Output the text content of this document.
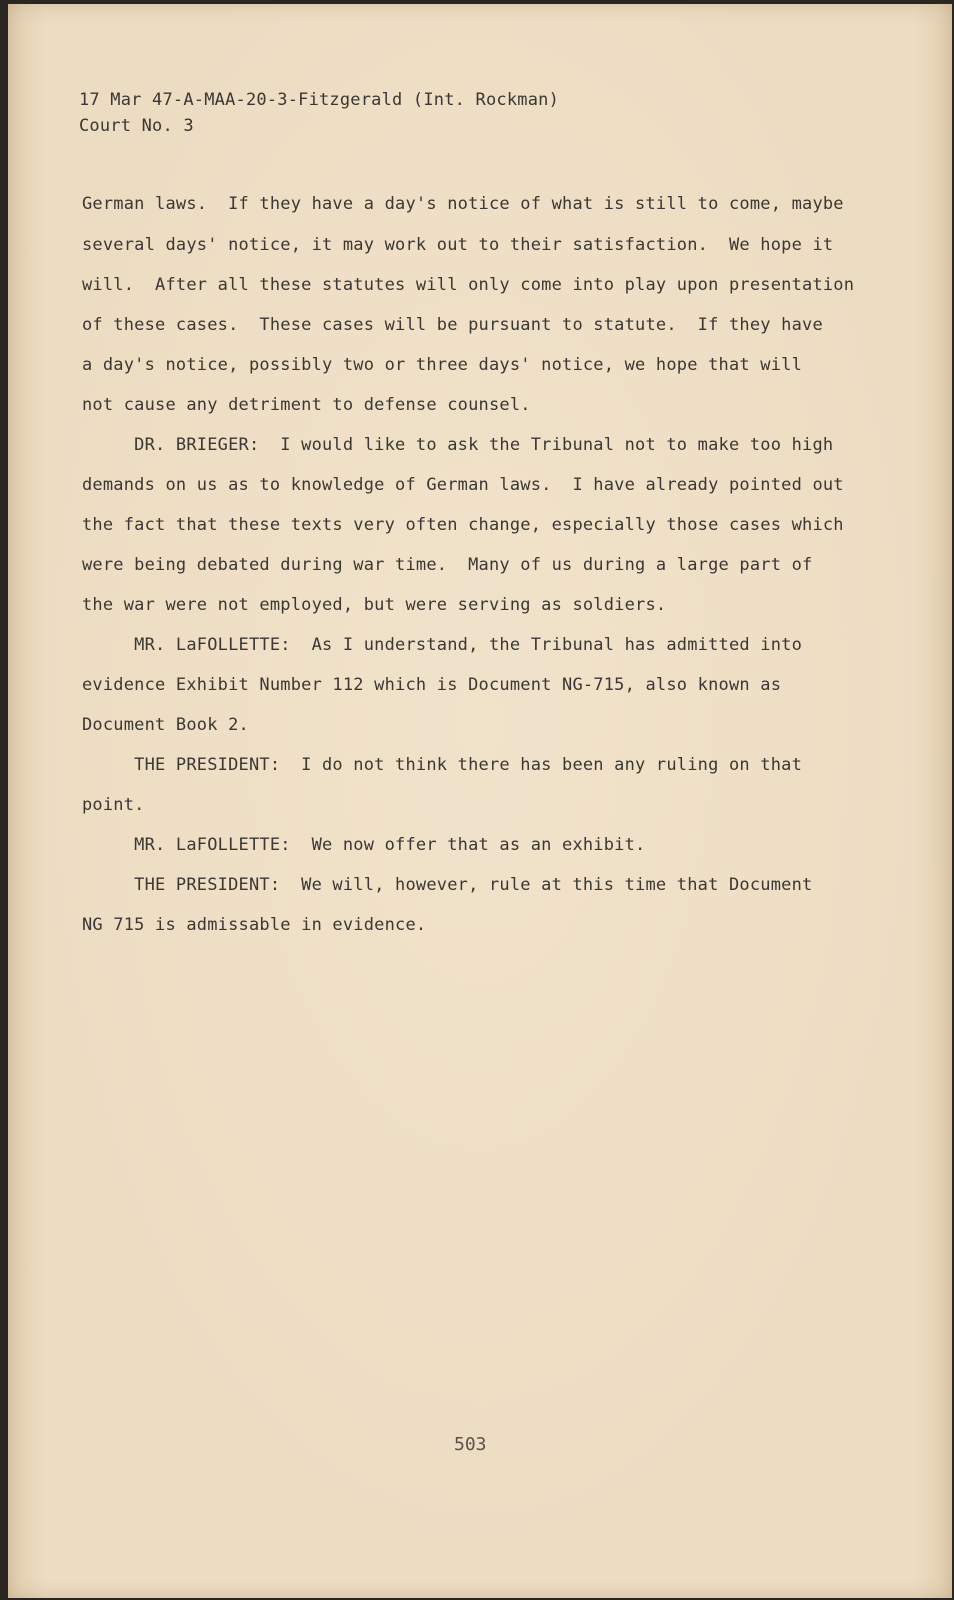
17 Mar 47-A-MAA-20-3-Fitzgerald (Int. Rockman)

Court No. 3

German laws.  If they have a day's notice of what is still to come, maybe

several days' notice, it may work out to their satisfaction.  We hope it

will.  After all these statutes will only come into play upon presentation

of these cases.  These cases will be pursuant to statute.  If they have

a day's notice, possibly two or three days' notice, we hope that will

not cause any detriment to defense counsel.

DR. BRIEGER:  I would like to ask the Tribunal not to make too high

demands on us as to knowledge of German laws.  I have already pointed out

the fact that these texts very often change, especially those cases which

were being debated during war time.  Many of us during a large part of

the war were not employed, but were serving as soldiers.

MR. LaFOLLETTE:  As I understand, the Tribunal has admitted into

evidence Exhibit Number 112 which is Document NG-715, also known as

Document Book 2.

THE PRESIDENT:  I do not think there has been any ruling on that

point.

MR. LaFOLLETTE:  We now offer that as an exhibit.

THE PRESIDENT:  We will, however, rule at this time that Document

NG 715 is admissable in evidence.

503
